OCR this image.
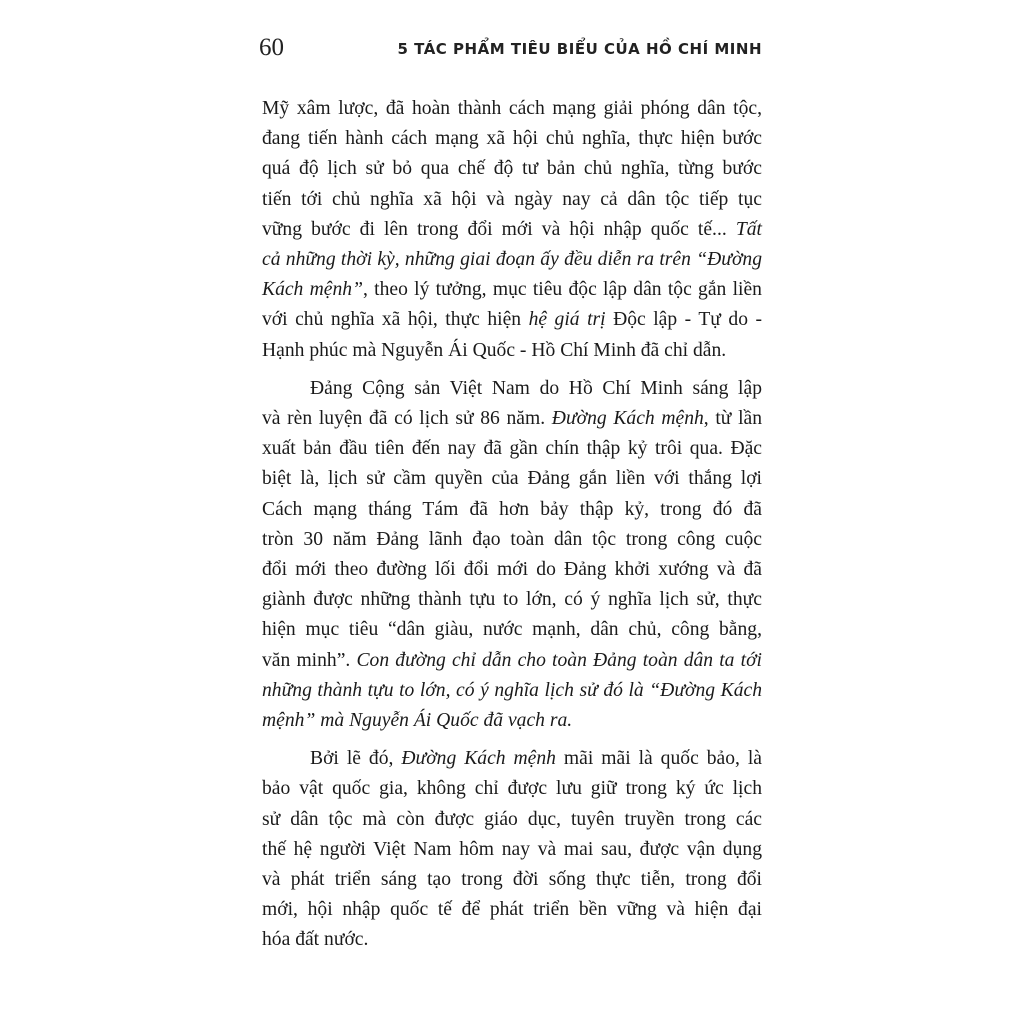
60	5 TÁC PHẨM TIÊU BIỂU CỦA HỒ CHÍ MINH
Mỹ xâm lược, đã hoàn thành cách mạng giải phóng dân tộc,
đang tiến hành cách mạng xã hội chủ nghĩa, thực hiện bước
quá độ lịch sử bỏ qua chế độ tư bản chủ nghĩa, từng bước
tiến tới chủ nghĩa xã hội và ngày nay cả dân tộc tiếp tục
vững bước đi lên trong đổi mới và hội nhập quốc tế... Tất
cả những thời kỳ, những giai đoạn ấy đều diễn ra trên “Đường
Kách mệnh”, theo lý tưởng, mục tiêu độc lập dân tộc gắn liền
với chủ nghĩa xã hội, thực hiện hệ giá trị Độc lập - Tự do -
Hạnh phúc mà Nguyễn Ái Quốc - Hồ Chí Minh đã chỉ dẫn.
Đảng Cộng sản Việt Nam do Hồ Chí Minh sáng lập
và rèn luyện đã có lịch sử 86 năm. Đường Kách mệnh, từ lần
xuất bản đầu tiên đến nay đã gần chín thập kỷ trôi qua. Đặc
biệt là, lịch sử cầm quyền của Đảng gắn liền với thắng lợi
Cách mạng tháng Tám đã hơn bảy thập kỷ, trong đó đã
tròn 30 năm Đảng lãnh đạo toàn dân tộc trong công cuộc
đổi mới theo đường lối đổi mới do Đảng khởi xướng và đã
giành được những thành tựu to lớn, có ý nghĩa lịch sử, thực
hiện mục tiêu “dân giàu, nước mạnh, dân chủ, công bằng,
văn minh”. Con đường chỉ dẫn cho toàn Đảng toàn dân ta tới
những thành tựu to lớn, có ý nghĩa lịch sử đó là “Đường Kách
mệnh” mà Nguyễn Ái Quốc đã vạch ra.
Bởi lẽ đó, Đường Kách mệnh mãi mãi là quốc bảo, là
bảo vật quốc gia, không chỉ được lưu giữ trong ký ức lịch
sử dân tộc mà còn được giáo dục, tuyên truyền trong các
thế hệ người Việt Nam hôm nay và mai sau, được vận dụng
và phát triển sáng tạo trong đời sống thực tiễn, trong đổi
mới, hội nhập quốc tế để phát triển bền vững và hiện đại
hóa đất nước.
